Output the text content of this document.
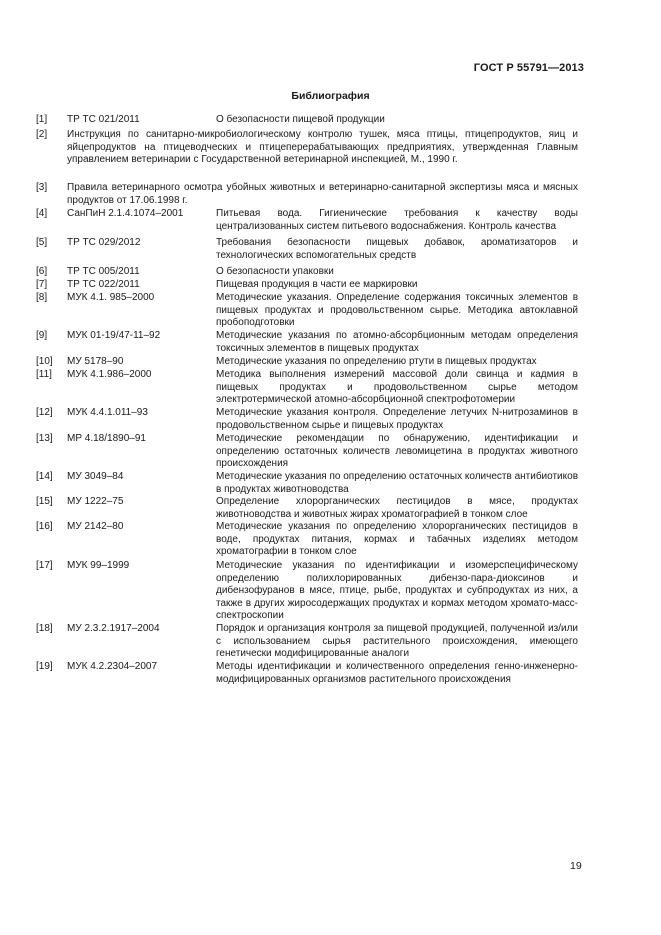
ГОСТ Р 55791—2013
Библиография
[1] ТР ТС 021/2011	О безопасности пищевой продукции
[2] Инструкция по санитарно-микробиологическому контролю тушек, мяса птицы, птицепродуктов, яиц и яйцепродуктов на птицеводческих и птицеперерабатывающих предприятиях, утвержденная Главным управлением ветеринарии с Государственной ветеринарной инспекцией, М., 1990 г.
[3] Правила ветеринарного осмотра убойных животных и ветеринарно-санитарной экспертизы мяса и мясных продуктов от 17.06.1998 г.
[4] СанПиН 2.1.4.1074–2001	Питьевая вода. Гигиенические требования к качеству воды централизованных систем питьевого водоснабжения. Контроль качества
[5] ТР ТС 029/2012	Требования безопасности пищевых добавок, ароматизаторов и технологических вспомогательных средств
[6] ТР ТС 005/2011	О безопасности упаковки
[7] ТР ТС 022/2011	Пищевая продукция в части ее маркировки
[8] МУК 4.1. 985–2000	Методические указания. Определение содержания токсичных элементов в пищевых продуктах и продовольственном сырье. Методика автоклавной пробоподготовки
[9] МУК 01-19/47-11–92	Методические указания по атомно-абсорбционным методам определения токсичных элементов в пищевых продуктах
[10] МУ 5178–90	Методические указания по определению ртути в пищевых продуктах
[11] МУК 4.1.986–2000	Методика выполнения измерений массовой доли свинца и кадмия в пищевых продуктах и продовольственном сырье методом электротермической атомно-абсорбционной спектрофотомерии
[12] МУК 4.4.1.011–93	Методические указания контроля. Определение летучих N-нитрозаминов в продовольственном сырье и пищевых продуктах
[13] МР 4.18/1890–91	Методические рекомендации по обнаружению, идентификации и определению остаточных количеств левомицетина в продуктах животного происхождения
[14] МУ 3049–84	Методические указания по определению остаточных количеств антибиотиков в продуктах животноводства
[15] МУ 1222–75	Определение хлорорганических пестицидов в мясе, продуктах животноводства и животных жирах хроматографией в тонком слое
[16] МУ 2142–80	Методические указания по определению хлорорганических пестицидов в воде, продуктах питания, кормах и табачных изделиях методом хроматографии в тонком слое
[17] МУК 99–1999	Методические указания по идентификации и изомерспецифическому определению полихлорированных дибензо-пара-диоксинов и дибензофуранов в мясе, птице, рыбе, продуктах и субпродуктах из них, а также в других жиросодержащих продуктах и кормах методом хромато-масс-спектроскопии
[18] МУ 2.3.2.1917–2004	Порядок и организация контроля за пищевой продукцией, полученной из/или с использованием сырья растительного происхождения, имеющего генетически модифицированные аналоги
[19] МУК 4.2.2304–2007	Методы идентификации и количественного определения генно-инженерно-модифицированных организмов растительного происхождения
19
